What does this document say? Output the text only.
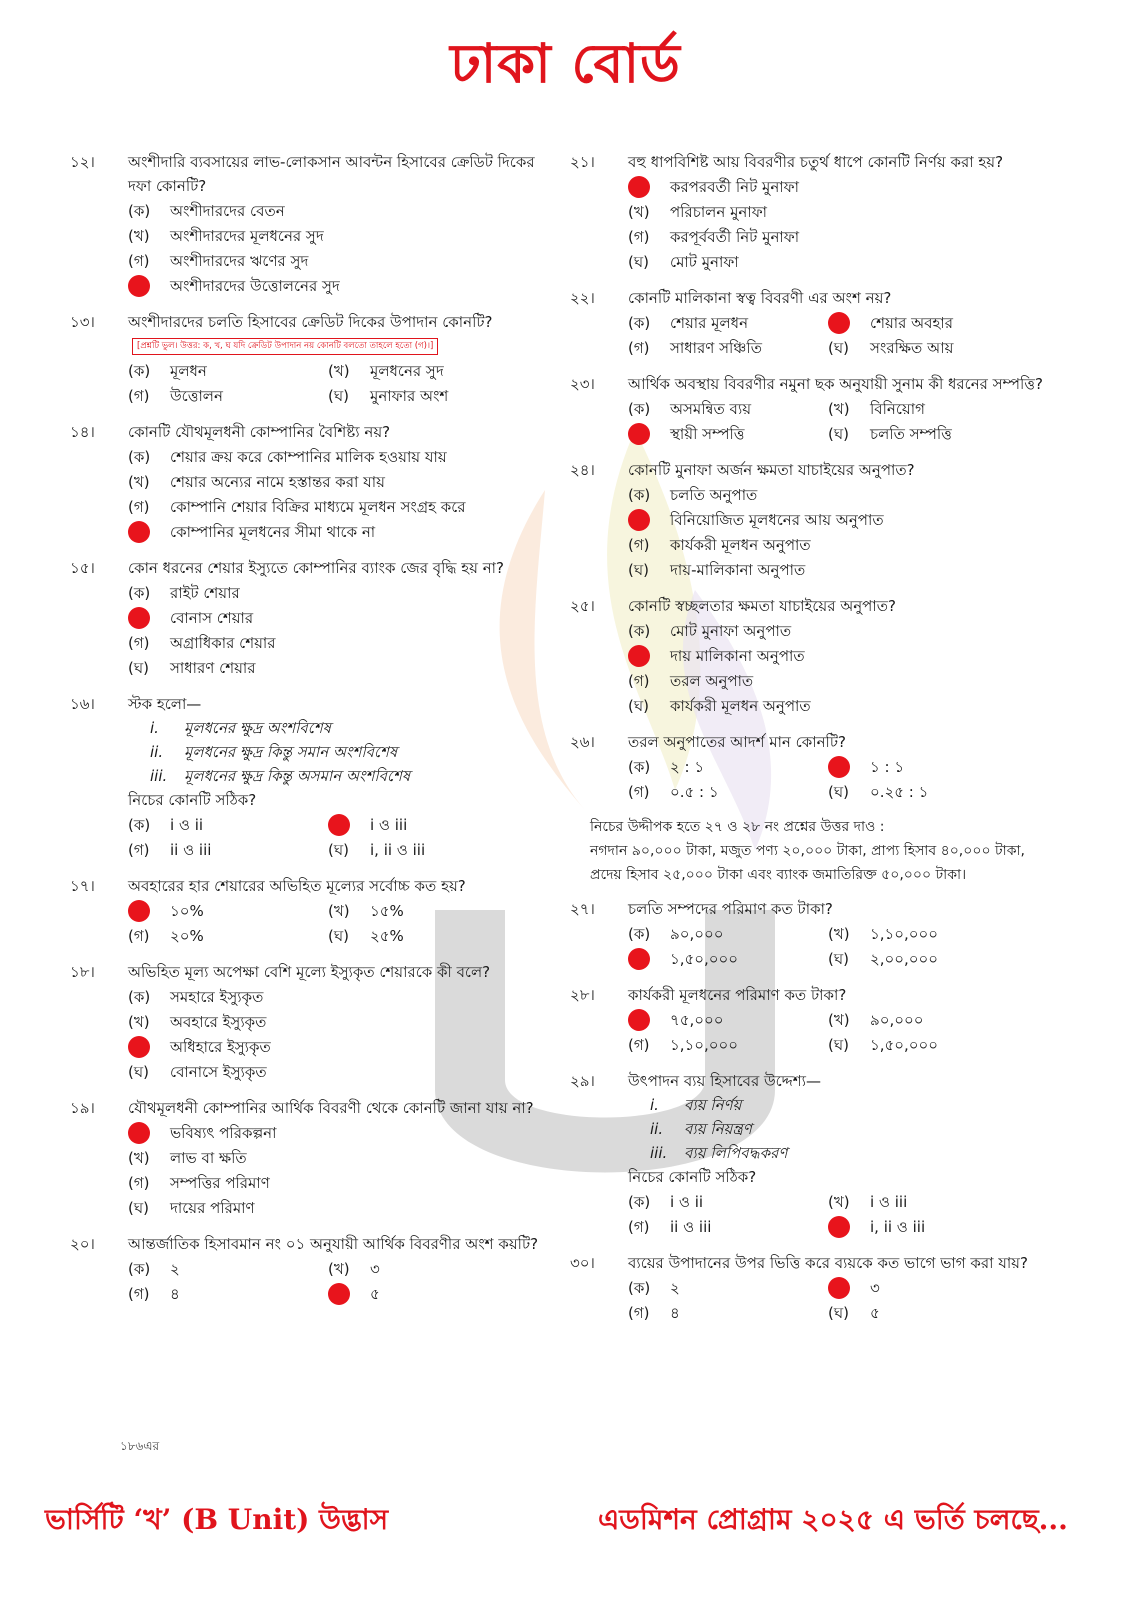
ঢাকা বোর্ড
১২।	অংশীদারি ব্যবসায়ের লাভ-লোকসান আবন্টন হিসাবের ক্রেডিট দিকের দফা কোনটি?
(ক)	অংশীদারদের বেতন
(খ)	অংশীদারদের মূলধনের সুদ
(গ)	অংশীদারদের ঋণের সুদ
অংশীদারদের উত্তোলনের সুদ
১৩।	অংশীদারদের চলতি হিসাবের ক্রেডিট দিকের উপাদান কোনটি?[প্রশ্নটি ভুল। উত্তর: ক, খ, ঘ যদি ক্রেডিট উপাদান নয় কোনটি বলতো তাহলে হতো (গ)।]
(ক)	মূলধন	(খ)	মূলধনের সুদ
(গ)	উত্তোলন	(ঘ)	মুনাফার অংশ
১৪।	কোনটি যৌথমূলধনী কোম্পানির বৈশিষ্ট্য নয়?
(ক)	শেয়ার ক্রয় করে কোম্পানির মালিক হওয়ায় যায়
(খ)	শেয়ার অন্যের নামে হস্তান্তর করা যায়
(গ)	কোম্পানি শেয়ার বিক্রির মাধ্যমে মূলধন সংগ্রহ করে
কোম্পানির মূলধনের সীমা থাকে না
১৫।	কোন ধরনের শেয়ার ইস্যুতে কোম্পানির ব্যাংক জের বৃদ্ধি হয় না?
(ক)	রাইট শেয়ার
বোনাস শেয়ার
(গ)	অগ্রাধিকার শেয়ার
(ঘ)	সাধারণ শেয়ার
১৬।	স্টক হলো—
i.	মূলধনের ক্ষুদ্র অংশবিশেষ
ii.	মূলধনের ক্ষুদ্র কিন্তু সমান অংশবিশেষ
iii.	মূলধনের ক্ষুদ্র কিন্তু অসমান অংশবিশেষ
নিচের কোনটি সঠিক?
(ক)	i ও ii	i ও iii
(গ)	ii ও iii	(ঘ)	i, ii ও iii
১৭।	অবহারের হার শেয়ারের অভিহিত মূল্যের সর্বোচ্চ কত হয়?
১০%	(খ)	১৫%
(গ)	২০%	(ঘ)	২৫%
১৮।	অভিহিত মূল্য অপেক্ষা বেশি মূল্যে ইস্যুকৃত শেয়ারকে কী বলে?
(ক)	সমহারে ইস্যুকৃত
(খ)	অবহারে ইস্যুকৃত
অধিহারে ইস্যুকৃত
(ঘ)	বোনাসে ইস্যুকৃত
১৯।	যৌথমূলধনী কোম্পানির আর্থিক বিবরণী থেকে কোনটি জানা যায় না?
ভবিষ্যৎ পরিকল্পনা
(খ)	লাভ বা ক্ষতি
(গ)	সম্পত্তির পরিমাণ
(ঘ)	দায়ের পরিমাণ
২০।	আন্তর্জাতিক হিসাবমান নং ০১ অনুযায়ী আর্থিক বিবরণীর অংশ কয়টি?
(ক)	২	(খ)	৩
(গ)	৪	৫
২১।	বহু ধাপবিশিষ্ট আয় বিবরণীর চতুর্থ ধাপে কোনটি নির্ণয় করা হয়?
করপরবর্তী নিট মুনাফা
(খ)	পরিচালন মুনাফা
(গ)	করপূর্ববর্তী নিট মুনাফা
(ঘ)	মোট মুনাফা
২২।	কোনটি মালিকানা স্বত্ব বিবরণী এর অংশ নয়?
(ক)	শেয়ার মূলধন	শেয়ার অবহার
(গ)	সাধারণ সঞ্চিতি	(ঘ)	সংরক্ষিত আয়
২৩।	আর্থিক অবস্থায় বিবরণীর নমুনা ছক অনুযায়ী সুনাম কী ধরনের সম্পত্তি?
(ক)	অসমন্বিত ব্যয়	(খ)	বিনিয়োগ
স্থায়ী সম্পত্তি	(ঘ)	চলতি সম্পত্তি
২৪।	কোনটি মুনাফা অর্জন ক্ষমতা যাচাইয়ের অনুপাত?
(ক)	চলতি অনুপাত
বিনিয়োজিত মূলধনের আয় অনুপাত
(গ)	কার্যকরী মূলধন অনুপাত
(ঘ)	দায়-মালিকানা অনুপাত
২৫।	কোনটি স্বচ্ছলতার ক্ষমতা যাচাইয়ের অনুপাত?
(ক)	মোট মুনাফা অনুপাত
দায় মালিকানা অনুপাত
(গ)	তরল অনুপাত
(ঘ)	কার্যকরী মূলধন অনুপাত
২৬।	তরল অনুপাতের আদর্শ মান কোনটি?
(ক)	২ : ১	১ : ১
(গ)	০.৫ : ১	(ঘ)	০.২৫ : ১
নিচের উদ্দীপক হতে ২৭ ও ২৮ নং প্রশ্নের উত্তর দাও :
নগদান ৯০,০০০ টাকা, মজুত পণ্য ২০,০০০ টাকা, প্রাপ্য হিসাব ৪০,০০০ টাকা, প্রদেয় হিসাব ২৫,০০০ টাকা এবং ব্যাংক জমাতিরিক্ত ৫০,০০০ টাকা।
২৭।	চলতি সম্পদের পরিমাণ কত টাকা?
(ক)	৯০,০০০	(খ)	১,১০,০০০
১,৫০,০০০	(ঘ)	২,০০,০০০
২৮।	কার্যকরী মূলধনের পরিমাণ কত টাকা?
৭৫,০০০	(খ)	৯০,০০০
(গ)	১,১০,০০০	(ঘ)	১,৫০,০০০
২৯।	উৎপাদন ব্যয় হিসাবের উদ্দেশ্য—
i.	ব্যয় নির্ণয়
ii.	ব্যয় নিয়ন্ত্রণ
iii.	ব্যয় লিপিবদ্ধকরণ
নিচের কোনটি সঠিক?
(ক)	i ও ii	(খ)	i ও iii
(গ)	ii ও iii	i, ii ও iii
৩০।	ব্যয়ের উপাদানের উপর ভিত্তি করে ব্যয়কে কত ভাগে ভাগ করা যায়?
(ক)	২	৩
(গ)	৪	(ঘ)	৫
১৮৬এর
ভার্সিটি ‘খ’ (B Unit) উদ্ভাস	এডমিশন প্রোগ্রাম ২০২৫ এ ভর্তি চলছে...
